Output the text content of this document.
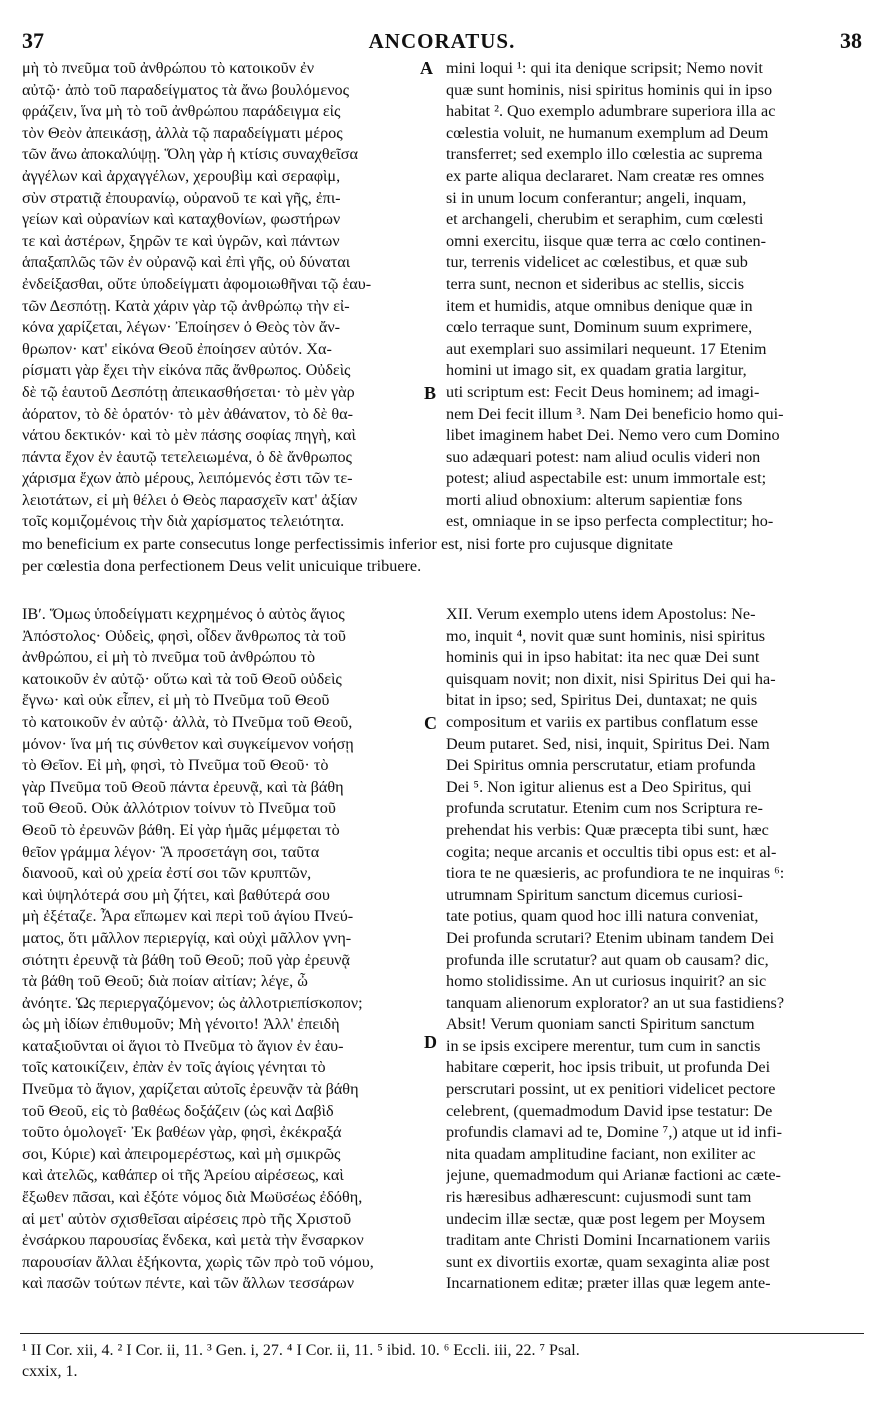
37	ANCORATUS.	38

μὴ τὸ πνεῦμα τοῦ ἀνθρώπου τὸ κατοικοῦν ἐν

αὐτῷ· ἀπὸ τοῦ παραδείγματος τὰ ἄνω βουλόμενος

φράζειν, ἵνα μὴ τὸ τοῦ ἀνθρώπου παράδειγμα εἰς

τὸν Θεὸν ἀπεικάσῃ, ἀλλὰ τῷ παραδείγματι μέρος

τῶν ἄνω ἀποκαλύψῃ. Ὅλη γὰρ ἡ κτίσις συναχθεῖσα

ἀγγέλων καὶ ἀρχαγγέλων, χερουβὶμ καὶ σεραφὶμ,

σὺν στρατιᾷ ἐπουρανίῳ, οὐρανοῦ τε καὶ γῆς, ἐπι-

γείων καὶ οὐρανίων καὶ καταχθονίων, φωστήρων

τε καὶ ἀστέρων, ξηρῶν τε καὶ ὑγρῶν, καὶ πάντων

ἁπαξαπλῶς τῶν ἐν οὐρανῷ καὶ ἐπὶ γῆς, οὐ δύναται

ἐνδείξασθαι, οὔτε ὑποδείγματι ἀφομοιωθῆναι τῷ ἑαυ-

τῶν Δεσπότῃ. Κατὰ χάριν γὰρ τῷ ἀνθρώπῳ τὴν εἰ-

κόνα χαρίζεται, λέγων· Ἐποίησεν ὁ Θεὸς τὸν ἄν-

θρωπον· κατ' εἰκόνα Θεοῦ ἐποίησεν αὐτόν. Χα-

ρίσματι γὰρ ἔχει τὴν εἰκόνα πᾶς ἄνθρωπος. Οὐδεὶς

δὲ τῷ ἑαυτοῦ Δεσπότῃ ἀπεικασθήσεται· τὸ μὲν γὰρ

ἀόρατον, τὸ δὲ ὁρατόν· τὸ μὲν ἀθάνατον, τὸ δὲ θα-

νάτου δεκτικόν· καὶ τὸ μὲν πάσης σοφίας πηγὴ, καὶ

πάντα ἔχον ἐν ἑαυτῷ τετελειωμένα, ὁ δὲ ἄνθρωπος

χάρισμα ἔχων ἀπὸ μέρους, λειπόμενός ἐστι τῶν τε-

λειοτάτων, εἰ μὴ θέλει ὁ Θεὸς παρασχεῖν κατ' ἀξίαν

τοῖς κομιζομένοις τὴν διὰ χαρίσματος τελειότητα.

mini loqui ¹: qui ita denique scripsit; Nemo novit

quæ sunt hominis, nisi spiritus hominis qui in ipso

habitat ². Quo exemplo adumbrare superiora illa ac

cœlestia voluit, ne humanum exemplum ad Deum

transferret; sed exemplo illo cœlestia ac suprema

ex parte aliqua declararet. Nam creatæ res omnes

si in unum locum conferantur; angeli, inquam,

et archangeli, cherubim et seraphim, cum cœlesti

omni exercitu, iisque quæ terra ac cœlo continen-

tur, terrenis videlicet ac cœlestibus, et quæ sub

terra sunt, necnon et sideribus ac stellis, siccis

item et humidis, atque omnibus denique quæ in

cœlo terraque sunt, Dominum suum exprimere,

aut exemplari suo assimilari nequeunt. 17 Etenim

homini ut imago sit, ex quadam gratia largitur,

uti scriptum est: Fecit Deus hominem; ad imagi-

nem Dei fecit illum ³. Nam Dei beneficio homo qui-

libet imaginem habet Dei. Nemo vero cum Domino

suo adæquari potest: nam aliud oculis videri non

potest; aliud aspectabile est: unum immortale est;

morti aliud obnoxium: alterum sapientiæ fons

est, omniaque in se ipso perfecta complectitur; ho-

mo beneficium ex parte consecutus longe perfectissimis inferior est, nisi forte pro cujusque dignitate

per cœlestia dona perfectionem Deus velit unicuique tribuere.

ΙΒʹ. Ὅμως ὑποδείγματι κεχρημένος ὁ αὐτὸς ἅγιος

Ἀπόστολος· Οὐδεὶς, φησὶ, οἶδεν ἄνθρωπος τὰ τοῦ

ἀνθρώπου, εἰ μὴ τὸ πνεῦμα τοῦ ἀνθρώπου τὸ

κατοικοῦν ἐν αὐτῷ· οὕτω καὶ τὰ τοῦ Θεοῦ οὐδεὶς

ἔγνω· καὶ οὐκ εἶπεν, εἰ μὴ τὸ Πνεῦμα τοῦ Θεοῦ

τὸ κατοικοῦν ἐν αὐτῷ· ἀλλὰ, τὸ Πνεῦμα τοῦ Θεοῦ,

μόνον· ἵνα μή τις σύνθετον καὶ συγκείμενον νοήσῃ

τὸ Θεῖον. Εἰ μὴ, φησὶ, τὸ Πνεῦμα τοῦ Θεοῦ· τὸ

γὰρ Πνεῦμα τοῦ Θεοῦ πάντα ἐρευνᾷ, καὶ τὰ βάθη

τοῦ Θεοῦ. Οὐκ ἀλλότριον τοίνυν τὸ Πνεῦμα τοῦ

Θεοῦ τὸ ἐρευνῶν βάθη. Εἰ γὰρ ἡμᾶς μέμφεται τὸ

θεῖον γράμμα λέγον· Ἃ προσετάγη σοι, ταῦτα

διανοοῦ, καὶ οὐ χρεία ἐστί σοι τῶν κρυπτῶν,

καὶ ὑψηλότερά σου μὴ ζήτει, καὶ βαθύτερά σου

μὴ ἐξέταζε. Ἆρα εἴπωμεν καὶ περὶ τοῦ ἁγίου Πνεύ-

ματος, ὅτι μᾶλλον περιεργίᾳ, καὶ οὐχὶ μᾶλλον γνη-

σιότητι ἐρευνᾷ τὰ βάθη τοῦ Θεοῦ; ποῦ γὰρ ἐρευνᾷ

τὰ βάθη τοῦ Θεοῦ; διὰ ποίαν αἰτίαν; λέγε, ὦ

ἀνόητε. Ὡς περιεργαζόμενον; ὡς ἀλλοτριεπίσκοπον;

ὡς μὴ ἰδίων ἐπιθυμοῦν; Μὴ γένοιτο! Ἀλλ' ἐπειδὴ

καταξιοῦνται οἱ ἅγιοι τὸ Πνεῦμα τὸ ἅγιον ἐν ἑαυ-

τοῖς κατοικίζειν, ἐπὰν ἐν τοῖς ἁγίοις γένηται τὸ

Πνεῦμα τὸ ἅγιον, χαρίζεται αὐτοῖς ἐρευνᾷν τὰ βάθη

τοῦ Θεοῦ, εἰς τὸ βαθέως δοξάζειν (ὡς καὶ Δαβὶδ

τοῦτο ὁμολογεῖ· Ἐκ βαθέων γὰρ, φησὶ, ἐκέκραξά

σοι, Κύριε) καὶ ἀπειρομερέστως, καὶ μὴ σμικρῶς

καὶ ἀτελῶς, καθάπερ οἱ τῆς Ἀρείου αἱρέσεως, καὶ

ἔξωθεν πᾶσαι, καὶ ἐξότε νόμος διὰ Μωϋσέως ἐδόθη,

αἱ μετ' αὐτὸν σχισθεῖσαι αἱρέσεις πρὸ τῆς Χριστοῦ

ἐνσάρκου παρουσίας ἕνδεκα, καὶ μετὰ τὴν ἔνσαρκον

παρουσίαν ἄλλαι ἑξήκοντα, χωρὶς τῶν πρὸ τοῦ νόμου,

καὶ πασῶν τούτων πέντε, καὶ τῶν ἄλλων τεσσάρων

XII. Verum exemplo utens idem Apostolus: Ne-

mo, inquit ⁴, novit quæ sunt hominis, nisi spiritus

hominis qui in ipso habitat: ita nec quæ Dei sunt

quisquam novit; non dixit, nisi Spiritus Dei qui ha-

bitat in ipso; sed, Spiritus Dei, duntaxat; ne quis

compositum et variis ex partibus conflatum esse

Deum putaret. Sed, nisi, inquit, Spiritus Dei. Nam

Dei Spiritus omnia perscrutatur, etiam profunda

Dei ⁵. Non igitur alienus est a Deo Spiritus, qui

profunda scrutatur. Etenim cum nos Scriptura re-

prehendat his verbis: Quæ præcepta tibi sunt, hæc

cogita; neque arcanis et occultis tibi opus est: et al-

tiora te ne quæsieris, ac profundiora te ne inquiras ⁶:

utrumnam Spiritum sanctum dicemus curiosi-

tate potius, quam quod hoc illi natura conveniat,

Dei profunda scrutari? Etenim ubinam tandem Dei

profunda ille scrutatur? aut quam ob causam? dic,

homo stolidissime. An ut curiosus inquirit? an sic

tanquam alienorum explorator? an ut sua fastidiens?

Absit! Verum quoniam sancti Spiritum sanctum

in se ipsis excipere merentur, tum cum in sanctis

habitare cœperit, hoc ipsis tribuit, ut profunda Dei

perscrutari possint, ut ex penitiori videlicet pectore

celebrent, (quemadmodum David ipse testatur: De

profundis clamavi ad te, Domine ⁷,) atque ut id infi-

nita quadam amplitudine faciant, non exiliter ac

jejune, quemadmodum qui Arianæ factioni ac cæte-

ris hæresibus adhærescunt: cujusmodi sunt tam

undecim illæ sectæ, quæ post legem per Moysem

traditam ante Christi Domini Incarnationem variis

sunt ex divortiis exortæ, quam sexaginta aliæ post

Incarnationem editæ; præter illas quæ legem ante-

A
B
C
D

¹ II Cor. xii, 4. ² I Cor. ii, 11. ³ Gen. i, 27. ⁴ I Cor. ii, 11. ⁵ ibid. 10. ⁶ Eccli. iii, 22. ⁷ Psal.

cxxix, 1.
